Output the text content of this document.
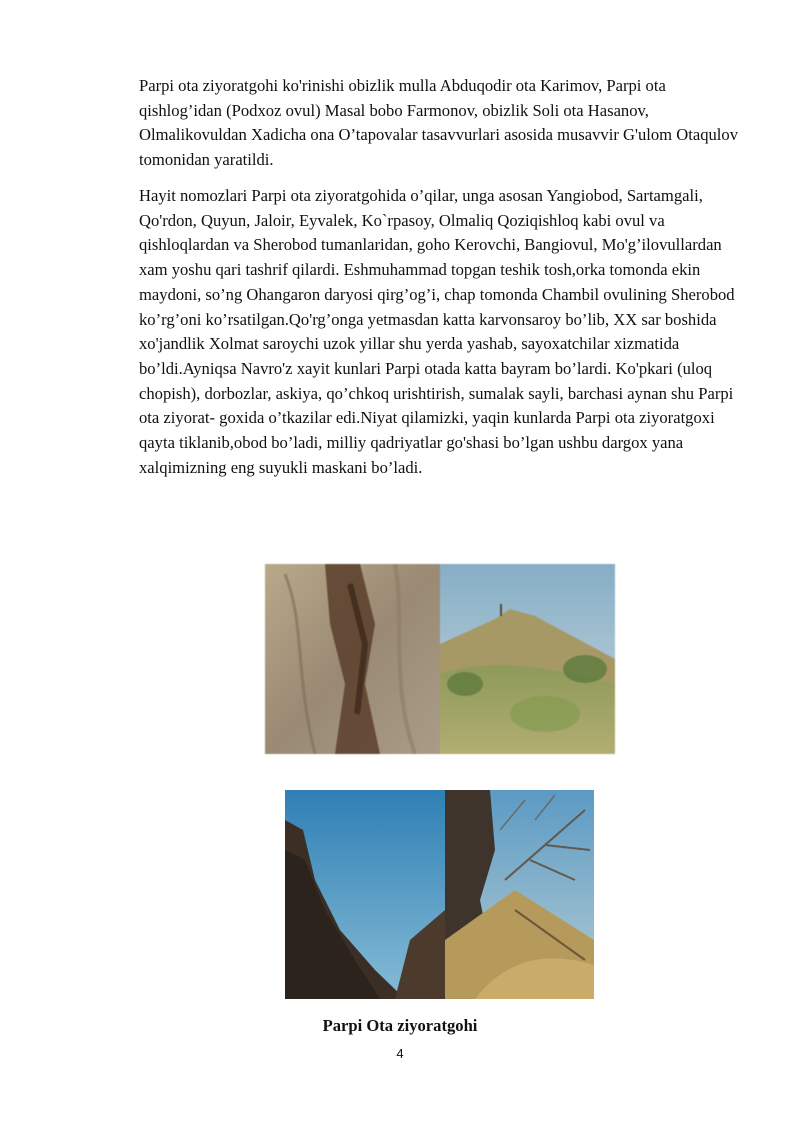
Parpi ota ziyoratgohi ko'rinishi obizlik mulla Abduqodir ota Karimov, Parpi ota qishlog’idan (Podxoz ovul) Masal bobo Farmonov, obizlik Soli ota Hasanov, Olmalikovuldan Xadicha ona O’tapovalar tasavvurlari asosida musavvir G'ulom Otaqulov tomonidan yaratildi.

Hayit nomozlari Parpi ota ziyoratgohida o’qilar, unga asosan Yangiobod, Sartamgali, Qo'rdon, Quyun, Jaloir, Eyvalek, Ko`rpasoy, Olmaliq Qoziqishloq kabi ovul va qishloqlardan va Sherobod tumanlaridan, goho Kerovchi, Bangiovul, Mo'g’ilovullardan xam yoshu qari tashrif qilardi. Eshmuhammad topgan teshik tosh,orka tomonda ekin maydoni, so’ng Ohangaron daryosi qirg’og’i, chap tomonda Chambil ovulining Sherobod ko’rg’oni ko’rsatilgan.Qo'rg’onga yetmasdan katta karvonsaroy bo’lib, XX sar boshida xo'jandlik Xolmat saroychi uzok yillar shu yerda yashab, sayoxatchilar xizmatida bo’ldi.Ayniqsa Navro'z xayit kunlari Parpi otada katta bayram bo’lardi. Ko'pkari (uloq chopish), dorbozlar, askiya, qo’chkoq urishtirish, sumalak sayli, barchasi aynan shu Parpi ota ziyorat- goxida o’tkazilar edi.Niyat qilamizki, yaqin kunlarda Parpi ota ziyoratgoxi qayta tiklanib,obod bo’ladi, milliy qadriyatlar go'shasi bo’lgan ushbu dargox yana xalqimizning eng suyukli maskani bo’ladi.

Parpi Ota ziyoratgohi
4
